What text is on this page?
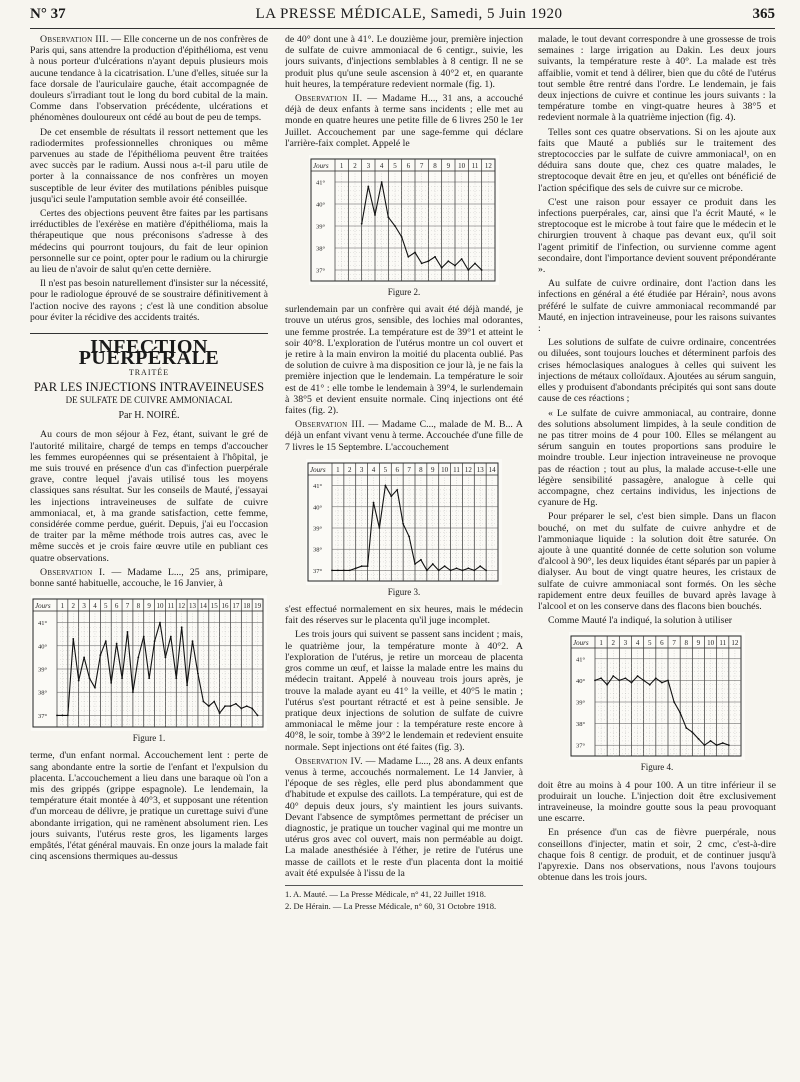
N° 37	LA PRESSE MÉDICALE, Samedi, 5 Juin 1920	365

Observation III. — Elle concerne un de nos confrères de Paris qui, sans attendre la production d'épithélioma, est venu à nous porteur d'ulcérations n'ayant depuis plusieurs mois aucune tendance à la cicatrisation. L'une d'elles, située sur la face dorsale de l'auriculaire gauche, était accompagnée de douleurs s'irradiant tout le long du bord cubital de la main. Comme dans l'observation précédente, ulcérations et phénomènes douloureux ont cédé au bout de peu de temps.

De cet ensemble de résultats il ressort nettement que les radiodermites professionnelles chroniques ou même parvenues au stade de l'épithélioma peuvent être traitées avec succès par le radium. Aussi nous a-t-il paru utile de porter à la connaissance de nos confrères un moyen susceptible de leur éviter des mutilations pénibles puisque jusqu'ici seule l'amputation semble avoir été conseillée.

Certes des objections peuvent être faites par les partisans irréductibles de l'exérèse en matière d'épithélioma, mais la thérapeutique que nous préconisons s'adresse à des médecins qui pourront toujours, du fait de leur opinion personnelle sur ce point, opter pour le radium ou la chirurgie au lieu de n'avoir de salut qu'en cette dernière.

Il n'est pas besoin naturellement d'insister sur la nécessité, pour le radiologue éprouvé de se soustraire définitivement à l'action nocive des rayons ; c'est là une condition absolue pour éviter la récidive des accidents traités.

INFECTION PUERPÉRALE
TRAITÉE
PAR LES INJECTIONS INTRAVEINEUSES
DE SULFATE DE CUIVRE AMMONIACAL
Par H. NOIRÉ.

Au cours de mon séjour à Fez, étant, suivant le gré de l'autorité militaire, chargé de temps en temps d'accoucher les femmes européennes qui se présentaient à l'hôpital, je me suis trouvé en présence d'un cas d'infection puerpérale grave, contre lequel j'avais utilisé tous les moyens classiques sans résultat. Sur les conseils de Mauté, j'essayai les injections intraveineuses de sulfate de cuivre ammoniacal, et, à ma grande satisfaction, cette femme, considérée comme perdue, guérit. Depuis, j'ai eu l'occasion de traiter par la même méthode trois autres cas, avec le même succès et je crois faire œuvre utile en publiant ces quatre observations.

Observation I. — Madame L..., 25 ans, primipare, bonne santé habituelle, accouche, le 16 Janvier, à

Jours 1 2 3 4 5 6 7 8 9 10 11 12 13 14 15 16 17 18 19
41°
40°
39°
38°
37°
Figure 1.

terme, d'un enfant normal. Accouchement lent : perte de sang abondante entre la sortie de l'enfant et l'expulsion du placenta. L'accouchement a lieu dans une baraque où l'on a mis des grippés (grippe espagnole). Le lendemain, la température était montée à 40°3, et supposant une rétention d'un morceau de délivre, je pratique un curettage suivi d'une abondante irrigation, qui ne ramènent absolument rien. Les jours suivants, l'utérus reste gros, les ligaments larges empâtés, l'état général mauvais. En onze jours la malade fait cinq ascensions thermiques au-dessus

de 40° dont une à 41°. Le douzième jour, première injection de sulfate de cuivre ammoniacal de 6 centigr., suivie, les jours suivants, d'injections semblables à 8 centigr. Il ne se produit plus qu'une seule ascension à 40°2 et, en quarante huit heures, la température redevient normale (fig. 1).

Observation II. — Madame H..., 31 ans, a accouché déjà de deux enfants à terme sans incidents ; elle met au monde en quatre heures une petite fille de 6 livres 250 le 1er Juillet. Accouchement par une sage-femme qui déclare l'arrière-faix complet. Appelé le

Jours 1 2 3 4 5 6 7 8 9 10 11 12
41°
40°
39°
38°
37°
Figure 2.

surlendemain par un confrère qui avait été déjà mandé, je trouve un utérus gros, sensible, des lochies mal odorantes, une femme prostrée. La température est de 39°1 et atteint le soir 40°8. L'exploration de l'utérus montre un col ouvert et je retire à la main environ la moitié du placenta oublié. Pas de solution de cuivre à ma disposition ce jour là, je ne fais la première injection que le lendemain. La température le soir est de 41° : elle tombe le lendemain à 39°4, le surlendemain à 38°5 et devient ensuite normale. Cinq injections ont été faites (fig. 2).

Observation III. — Madame C..., malade de M. B... A déjà un enfant vivant venu à terme. Accouchée d'une fille de 7 livres le 15 Septembre. L'accouchement

Jours 1 2 3 4 5 6 7 8 9 10 11 12 13 14
41°
40°
39°
38°
37°
Figure 3.

s'est effectué normalement en six heures, mais le médecin fait des réserves sur le placenta qu'il juge incomplet.

Les trois jours qui suivent se passent sans incident ; mais, le quatrième jour, la température monte à 40°2. A l'exploration de l'utérus, je retire un morceau de placenta gros comme un œuf, et laisse la malade entre les mains du médecin traitant. Appelé à nouveau trois jours après, je trouve la malade ayant eu 41° la veille, et 40°5 le matin ; l'utérus s'est pourtant rétracté et est à peine sensible. Je pratique deux injections de solution de sulfate de cuivre ammoniacal le même jour : la température reste encore à 40°8, le soir, tombe à 39°2 le lendemain et redevient ensuite normale. Sept injections ont été faites (fig. 3).

Observation IV. — Madame L..., 28 ans. A deux enfants venus à terme, accouchés normalement. Le 14 Janvier, à l'époque de ses règles, elle perd plus abondamment que d'habitude et expulse des caillots. La température, qui est de 40° depuis deux jours, s'y maintient les jours suivants. Devant l'absence de symptômes permettant de préciser un diagnostic, je pratique un toucher vaginal qui me montre un utérus gros avec col ouvert, mais non perméable au doigt. La malade anesthésiée à l'éther, je retire de l'utérus une masse de caillots et le reste d'un placenta dont la moitié avait été expulsée à l'issu de la

1. A. Mauté. — La Presse Médicale, n° 41, 22 Juillet 1918.
2. De Hérain. — La Presse Médicale, n° 60, 31 Octobre 1918.

malade, le tout devant correspondre à une grossesse de trois semaines : large irrigation au Dakin. Les deux jours suivants, la température reste à 40°. La malade est très affaiblie, vomit et tend à délirer, bien que du côté de l'utérus tout semble être rentré dans l'ordre. Le lendemain, je fais deux injections de cuivre et continue les jours suivants : la température tombe en vingt-quatre heures à 38°5 et redevient normale à la quatrième injection (fig. 4).

Telles sont ces quatre observations. Si on les ajoute aux faits que Mauté a publiés sur le traitement des streptococcies par le sulfate de cuivre ammoniacal¹, on en déduira sans doute que, chez ces quatre malades, le streptocoque devait être en jeu, et qu'elles ont bénéficié de l'action spécifique des sels de cuivre sur ce microbe.

C'est une raison pour essayer ce produit dans les infections puerpérales, car, ainsi que l'a écrit Mauté, « le streptocoque est le microbe à tout faire que le médecin et le chirurgien trouvent à chaque pas devant eux, qu'il soit l'agent primitif de l'infection, ou survienne comme agent secondaire, dont l'importance devient souvent prépondérante ».

Au sulfate de cuivre ordinaire, dont l'action dans les infections en général a été étudiée par Hérain², nous avons préféré le sulfate de cuivre ammoniacal recommandé par Mauté, en injection intraveineuse, pour les raisons suivantes :

Les solutions de sulfate de cuivre ordinaire, concentrées ou diluées, sont toujours louches et déterminent parfois des crises hémoclasiques analogues à celles qui suivent les injections de métaux colloïdaux. Ajoutées au sérum sanguin, elles y produisent d'abondants précipités qui sont sans doute cause de ces réactions ;

« Le sulfate de cuivre ammoniacal, au contraire, donne des solutions absolument limpides, à la seule condition de ne pas titrer moins de 4 pour 100. Elles se mélangent au sérum sanguin en toutes proportions sans produire le moindre trouble. Leur injection intraveineuse ne provoque pas de réaction ; tout au plus, la malade accuse-t-elle une légère sensibilité passagère, analogue à celle qui accompagne, chez certains individus, les injections de cyanure de Hg.

Pour préparer le sel, c'est bien simple. Dans un flacon bouché, on met du sulfate de cuivre anhydre et de l'ammoniaque liquide : la solution doit être saturée. On ajoute à une quantité donnée de cette solution son volume d'alcool à 90°, les deux liquides étant séparés par un papier à dialyser. Au bout de vingt quatre heures, les cristaux de sulfate de cuivre ammoniacal sont formés. On les sèche rapidement entre deux feuilles de buvard après lavage à l'alcool et on les conserve dans des flacons bien bouchés.

Comme Mauté l'a indiqué, la solution à utiliser

Jours 1 2 3 4 5 6 7 8 9 10 11 12
41°
40°
39°
38°
37°
Figure 4.

doit être au moins à 4 pour 100. A un titre inférieur il se produirait un louche. L'injection doit être exclusivement intraveineuse, la moindre goutte sous la peau provoquant une escarre.

En présence d'un cas de fièvre puerpérale, nous conseillons d'injecter, matin et soir, 2 cmc, c'est-à-dire chaque fois 8 centigr. de produit, et de continuer jusqu'à l'apyrexie. Dans nos observations, nous l'avons toujours obtenue dans les trois jours.
